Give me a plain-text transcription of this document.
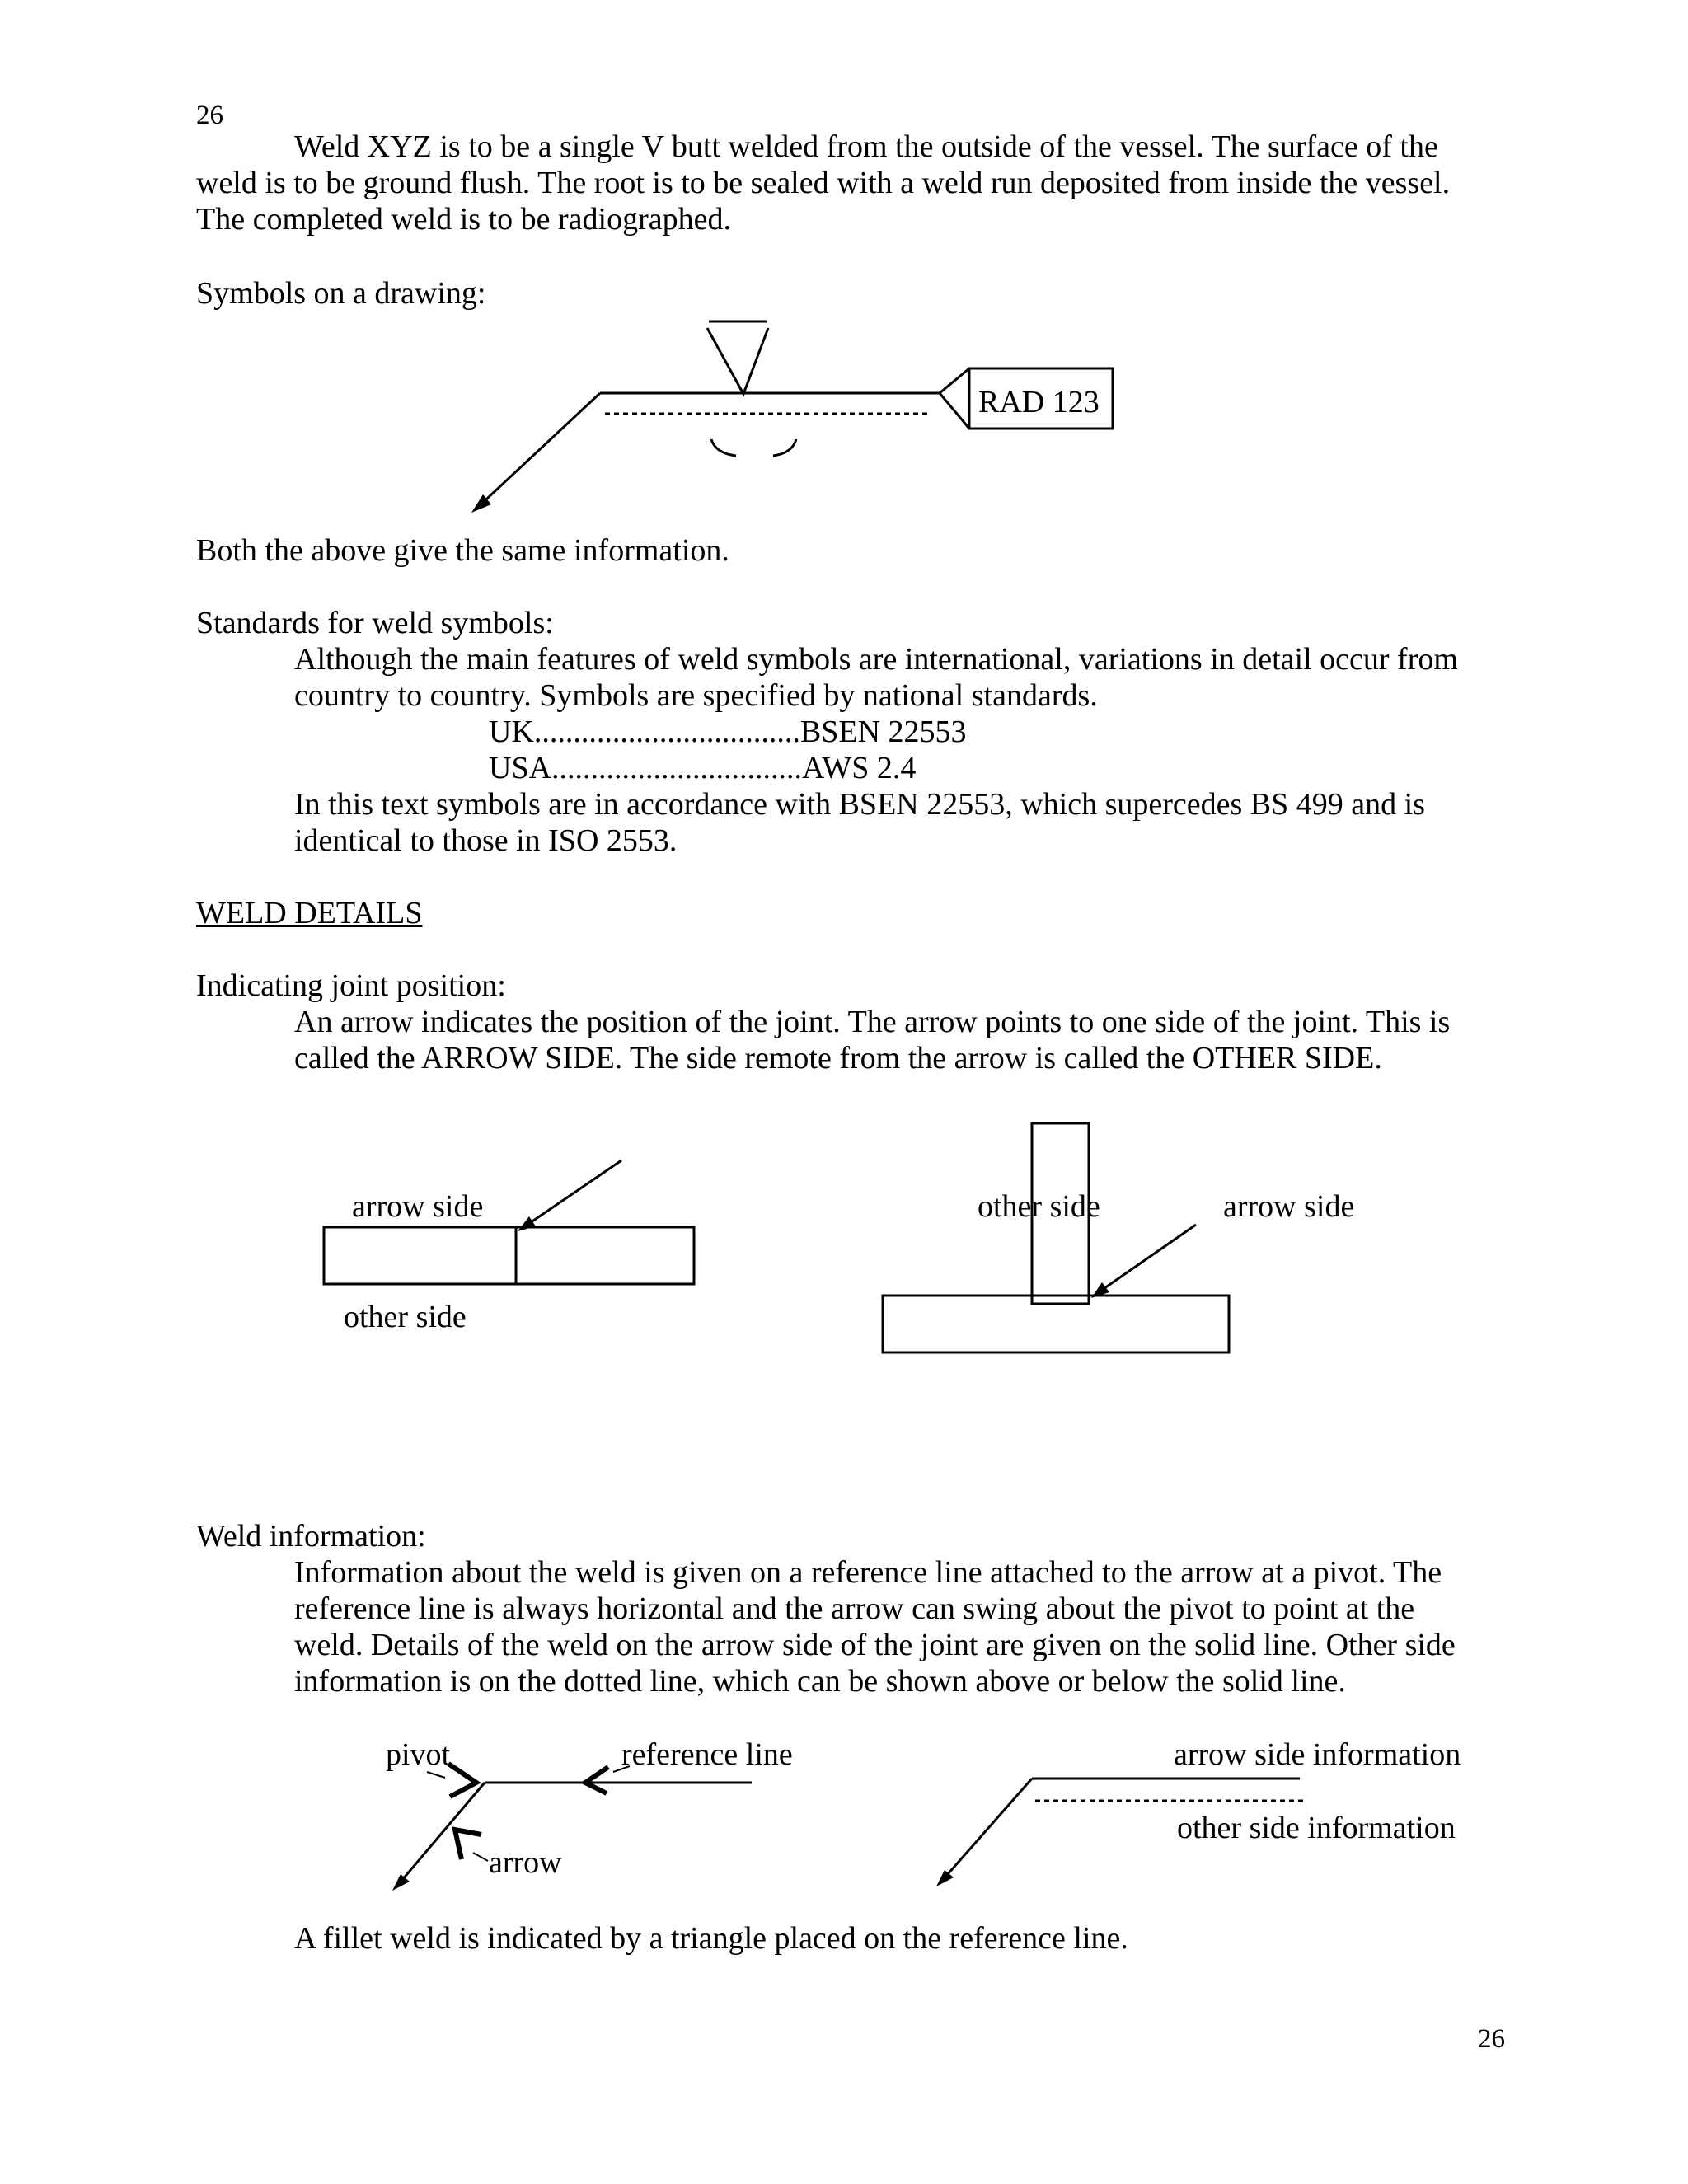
26

26

Weld XYZ is to be a single V butt welded from the outside of the vessel. The surface of the

weld is to be ground flush. The root is to be sealed with a weld run deposited from inside the vessel.

The completed weld is to be radiographed.

Symbols on a drawing:

RAD 123

Both the above give the same information.

Standards for weld symbols:

Although the main features of weld symbols are international, variations in detail occur from

country to country. Symbols are specified by national standards.

UK..................................BSEN 22553

USA................................AWS 2.4

In this text symbols are in accordance with BSEN 22553, which supercedes BS 499 and is

identical to those in ISO 2553.

WELD DETAILS

Indicating joint position:

An arrow indicates the position of the joint. The arrow points to one side of the joint. This is

called the ARROW SIDE. The side remote from the arrow is called the OTHER SIDE.

arrow side
other side
other side	arrow side

Weld information:

Information about the weld is given on a reference line attached to the arrow at a pivot. The

reference line is always horizontal and the arrow can swing about the pivot to point at the

weld. Details of the weld on the arrow side of the joint are given on the solid line. Other side

information is on the dotted line, which can be shown above or below the solid line.

pivot	reference line
arrow
arrow side information
other side information

A fillet weld is indicated by a triangle placed on the reference line.
